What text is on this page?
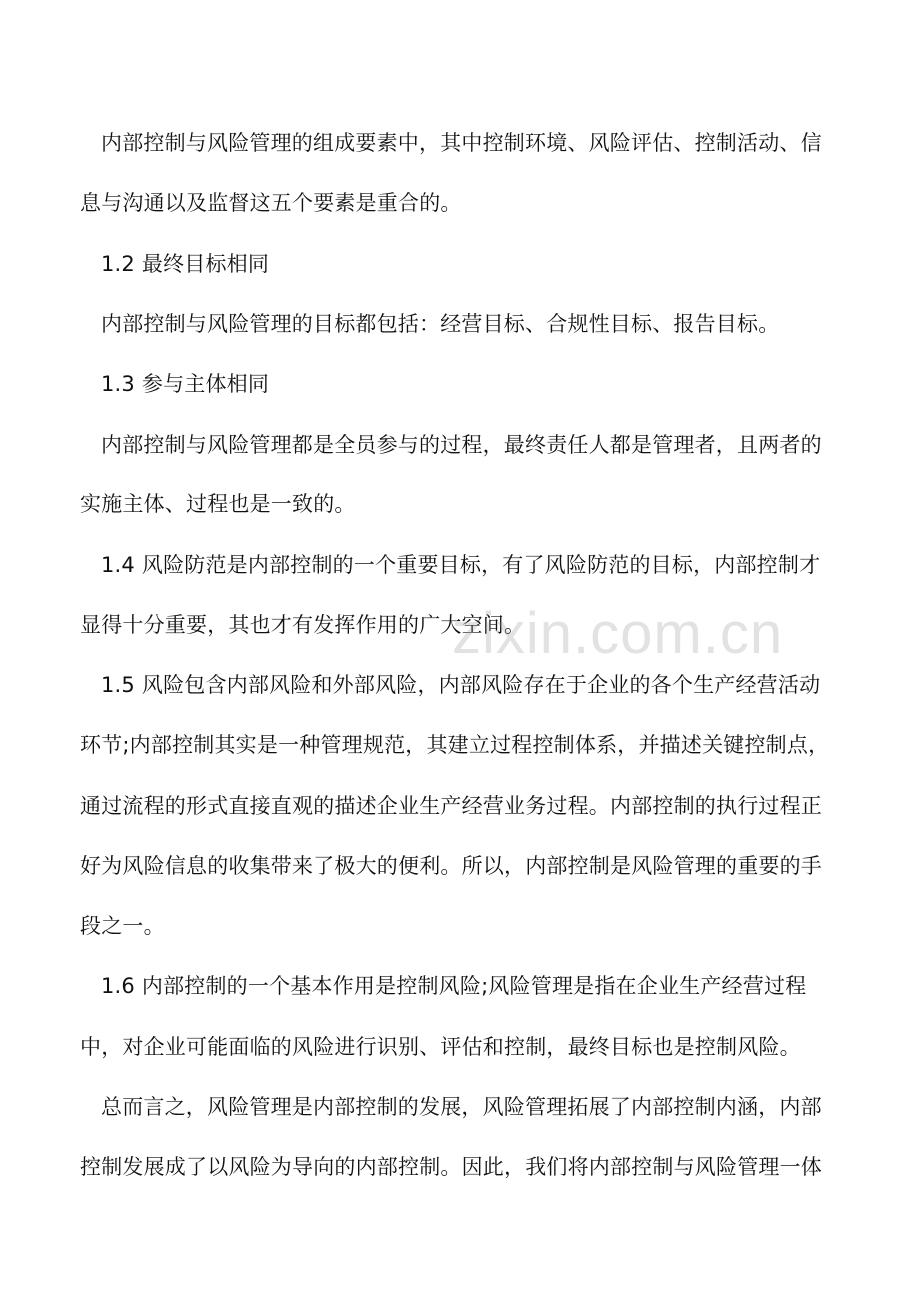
内部控制与风险管理的组成要素中，其中控制环境、风险评估、控制活动、信
息与沟通以及监督这五个要素是重合的。
1.2 最终目标相同
内部控制与风险管理的目标都包括：经营目标、合规性目标、报告目标。
1.3 参与主体相同
内部控制与风险管理都是全员参与的过程，最终责任人都是管理者，且两者的
实施主体、过程也是一致的。
1.4 风险防范是内部控制的一个重要目标，有了风险防范的目标，内部控制才
显得十分重要，其也才有发挥作用的广大空间。
1.5 风险包含内部风险和外部风险，内部风险存在于企业的各个生产经营活动
环节;内部控制其实是一种管理规范，其建立过程控制体系，并描述关键控制点，
通过流程的形式直接直观的描述企业生产经营业务过程。内部控制的执行过程正
好为风险信息的收集带来了极大的便利。所以，内部控制是风险管理的重要的手
段之一。
1.6 内部控制的一个基本作用是控制风险;风险管理是指在企业生产经营过程
中，对企业可能面临的风险进行识别、评估和控制，最终目标也是控制风险。
总而言之，风险管理是内部控制的发展，风险管理拓展了内部控制内涵，内部
控制发展成了以风险为导向的内部控制。因此，我们将内部控制与风险管理一体
zixin.com.cn
